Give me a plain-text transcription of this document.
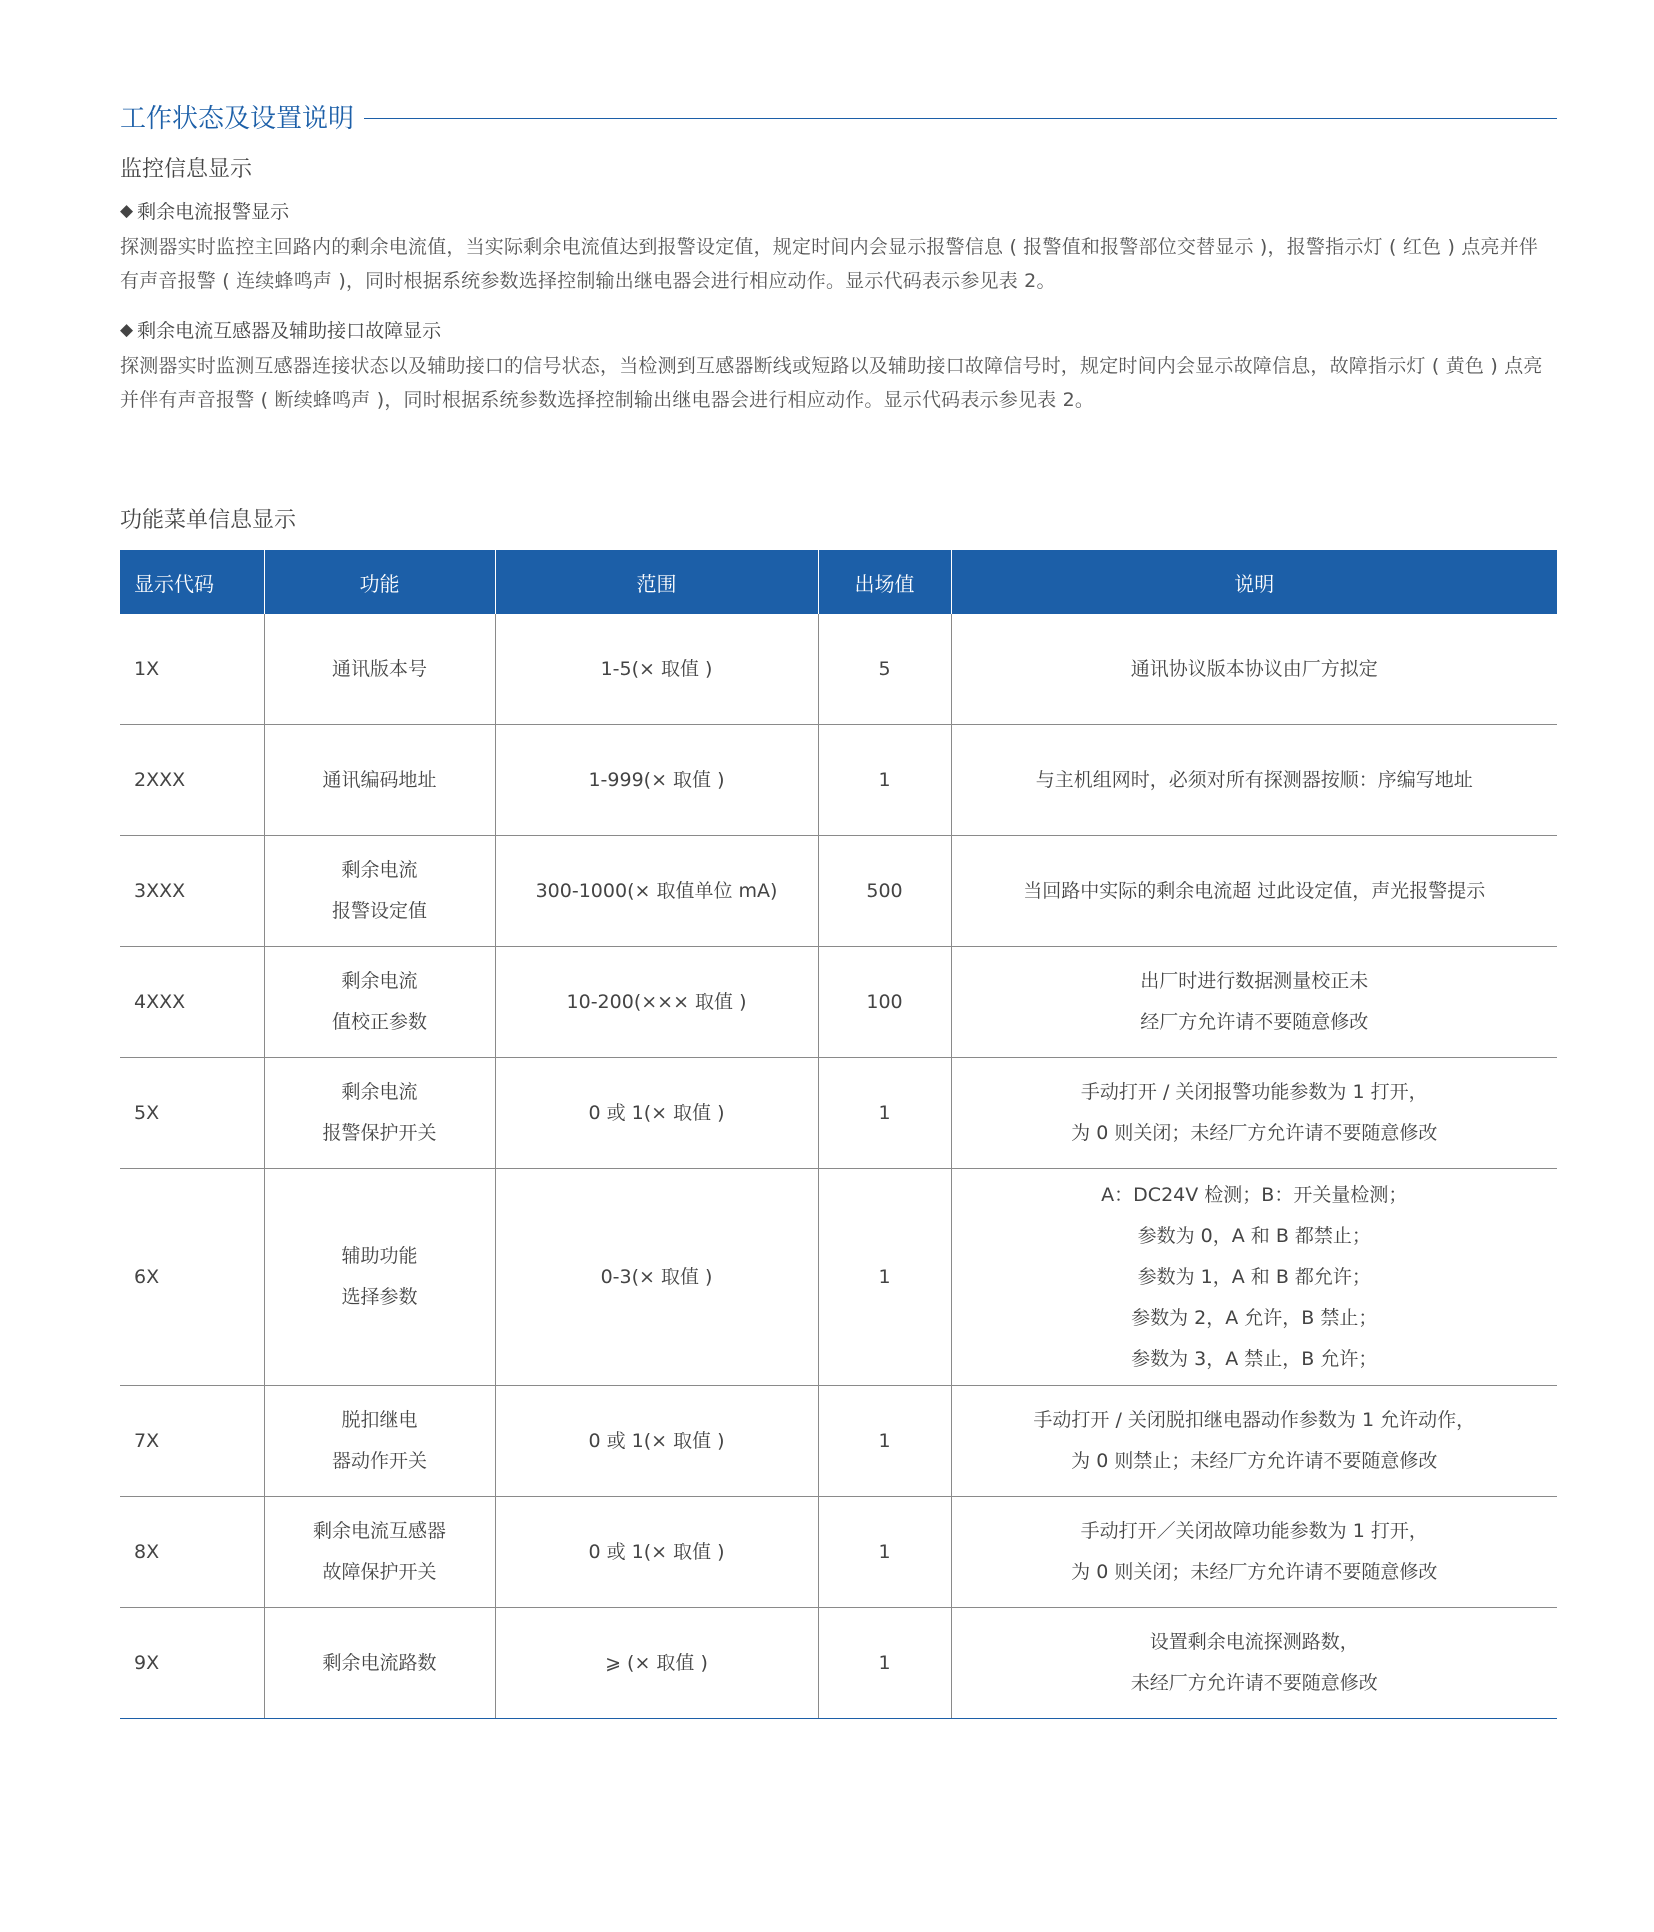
工作状态及设置说明
监控信息显示
◆ 剩余电流报警显示
探测器实时监控主回路内的剩余电流值，当实际剩余电流值达到报警设定值，规定时间内会显示报警信息 ( 报警值和报警部位交替显示 )，报警指示灯 ( 红色 ) 点亮并伴有声音报警 ( 连续蜂鸣声 )，同时根据系统参数选择控制输出继电器会进行相应动作。显示代码表示参见表 2。
◆ 剩余电流互感器及辅助接口故障显示
探测器实时监测互感器连接状态以及辅助接口的信号状态，当检测到互感器断线或短路以及辅助接口故障信号时，规定时间内会显示故障信息，故障指示灯 ( 黄色 ) 点亮并伴有声音报警 ( 断续蜂鸣声 )，同时根据系统参数选择控制输出继电器会进行相应动作。显示代码表示参见表 2。
功能菜单信息显示
显示代码	功能	范围	出场值	说明
1X	通讯版本号	1-5(× 取值 )	5	通讯协议版本协议由厂方拟定

2XXX	通讯编码地址	1-999(× 取值 )	1	与主机组网时，必须对所有探测器按顺：序编写地址

3XXX	剩余电流
报警设定值	300-1000(× 取值单位 mA)	500	当回路中实际的剩余电流超 过此设定值，声光报警提示

4XXX	剩余电流
值校正参数	10-200(××× 取值 )	100	出厂时进行数据测量校正未
经厂方允许请不要随意修改

5X	剩余电流
报警保护开关	0 或 1(× 取值 )	1	手动打开 / 关闭报警功能参数为 1 打开，
为 0 则关闭；未经厂方允许请不要随意修改

6X	辅助功能
选择参数	0-3(× 取值 )	1	A：DC24V 检测；B：开关量检测；
参数为 0，A 和 B 都禁止；
参数为 1，A 和 B 都允许；
参数为 2，A 允许，B 禁止；
参数为 3，A 禁止，B 允许；

7X	脱扣继电
器动作开关	0 或 1(× 取值 )	1	手动打开 / 关闭脱扣继电器动作参数为 1 允许动作，
为 0 则禁止；未经厂方允许请不要随意修改

8X	剩余电流互感器
故障保护开关	0 或 1(× 取值 )	1	手动打开／关闭故障功能参数为 1 打开，
为 0 则关闭；未经厂方允许请不要随意修改

9X	剩余电流路数	⩾ (× 取值 )	1	设置剩余电流探测路数，
未经厂方允许请不要随意修改
